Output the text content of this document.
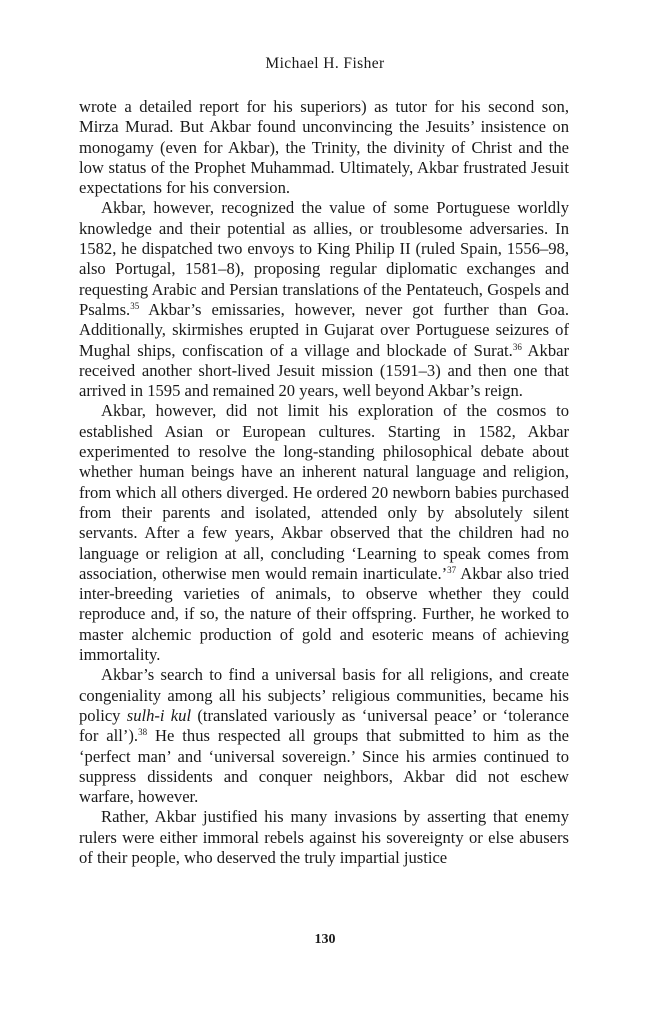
Michael H. Fisher

wrote a detailed report for his superiors) as tutor for his second son, Mirza Murad. But Akbar found unconvincing the Jesuits’ insistence on monogamy (even for Akbar), the Trinity, the divinity of Christ and the low status of the Prophet Muhammad. Ultimately, Akbar frustrated Jesuit expectations for his conversion.

Akbar, however, recognized the value of some Portuguese worldly knowledge and their potential as allies, or troublesome adversaries. In 1582, he dispatched two envoys to King Philip II (ruled Spain, 1556–98, also Portugal, 1581–8), proposing regular diplomatic exchanges and requesting Arabic and Persian translations of the Pentateuch, Gospels and Psalms.$^{35}$ Akbar’s emissaries, however, never got further than Goa. Additionally, skirmishes erupted in Gujarat over Portuguese seizures of Mughal ships, confiscation of a village and blockade of Surat.$^{36}$ Akbar received another short-lived Jesuit mission (1591–3) and then one that arrived in 1595 and remained 20 years, well beyond Akbar’s reign.

Akbar, however, did not limit his exploration of the cosmos to established Asian or European cultures. Starting in 1582, Akbar experimented to resolve the long-standing philosophical debate about whether human beings have an inherent natural language and religion, from which all others diverged. He ordered 20 newborn babies purchased from their parents and isolated, attended only by absolutely silent servants. After a few years, Akbar observed that the children had no language or religion at all, concluding ‘Learning to speak comes from association, otherwise men would remain inarticulate.’$^{37}$ Akbar also tried inter-breeding varieties of animals, to observe whether they could reproduce and, if so, the nature of their offspring. Further, he worked to master alchemic production of gold and esoteric means of achieving immortality.

Akbar’s search to find a universal basis for all religions, and create congeniality among all his subjects’ religious communities, became his policy sulh-i kul (translated variously as ‘universal peace’ or ‘tolerance for all’).$^{38}$ He thus respected all groups that submitted to him as the ‘perfect man’ and ‘universal sovereign.’ Since his armies continued to suppress dissidents and conquer neighbors, Akbar did not eschew warfare, however.

Rather, Akbar justified his many invasions by asserting that enemy rulers were either immoral rebels against his sovereignty or else abusers of their people, who deserved the truly impartial justice

130
